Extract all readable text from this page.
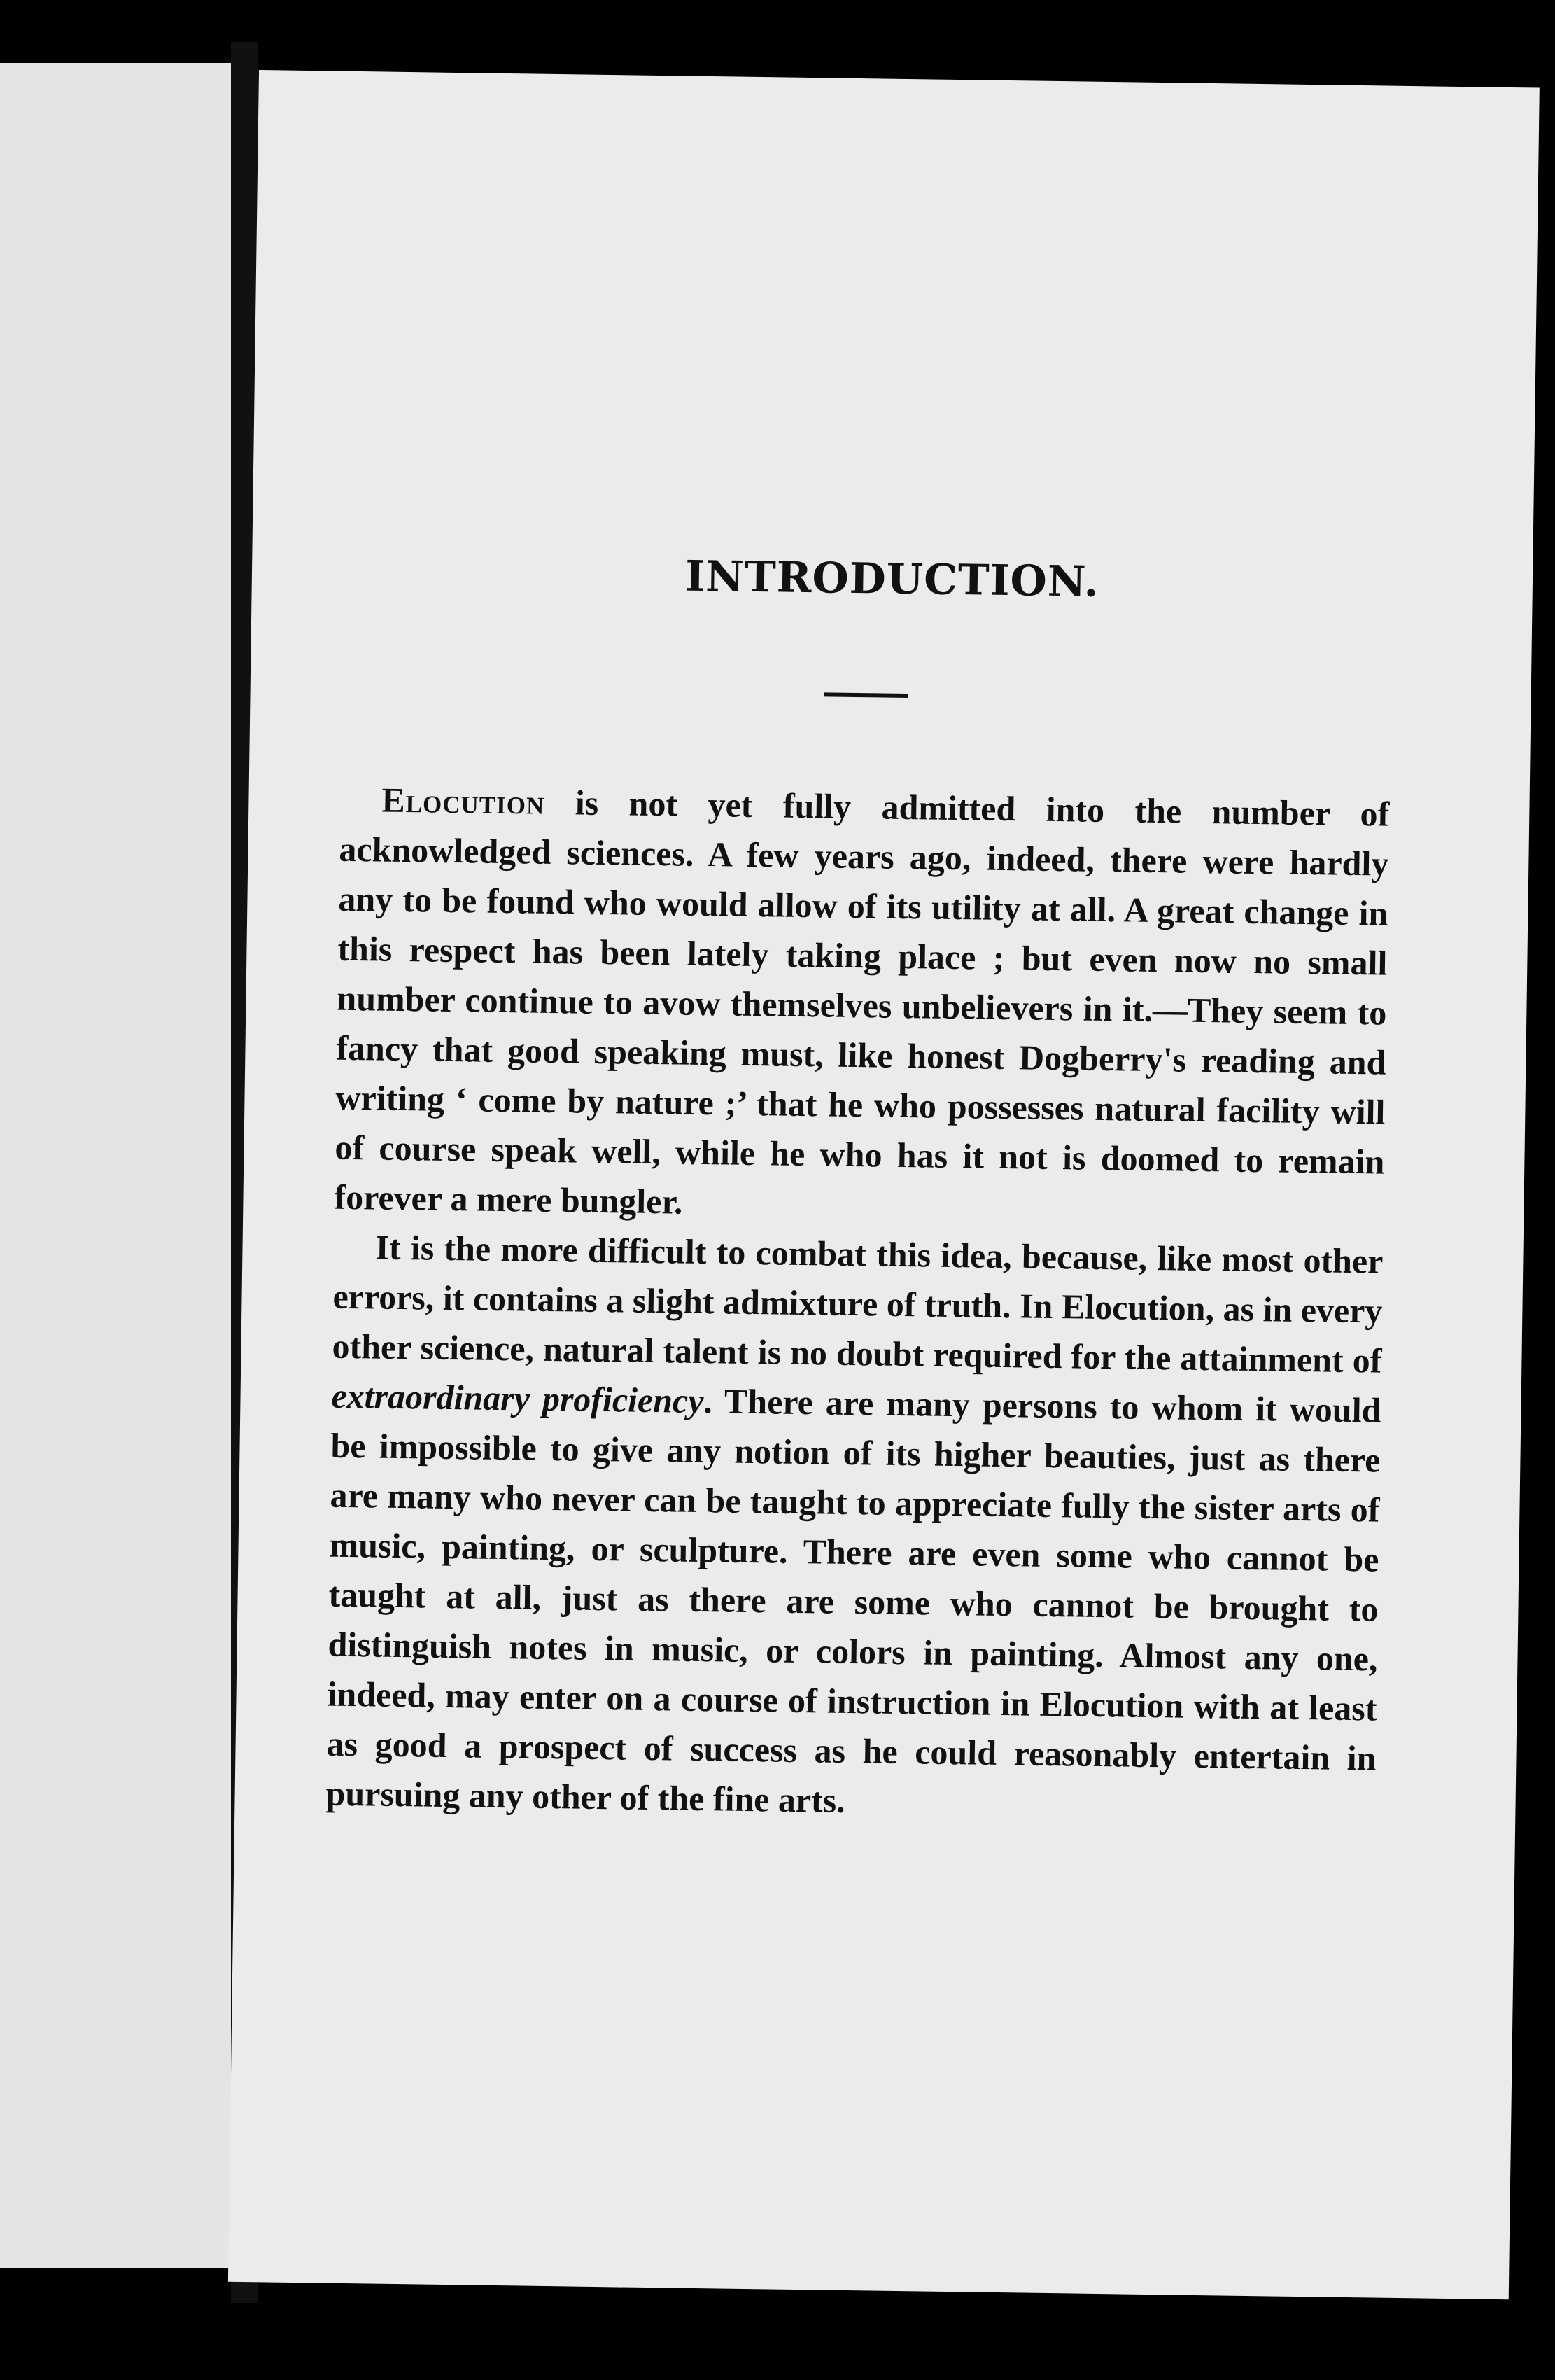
INTRODUCTION.

Elocution is not yet fully admitted into the number of acknowledged sciences. A few years ago, indeed, there were hardly any to be found who would allow of its utility at all. A great change in this respect has been lately taking place ; but even now no small number continue to avow themselves unbelievers in it.—They seem to fancy that good speaking must, like honest Dogberry's reading and writing ‘ come by nature ;’ that he who possesses natural facility will of course speak well, while he who has it not is doomed to remain forever a mere bungler.

It is the more difficult to combat this idea, because, like most other errors, it contains a slight admixture of truth. In Elocution, as in every other science, natural talent is no doubt required for the attainment of extraordinary proficiency. There are many persons to whom it would be impossible to give any notion of its higher beauties, just as there are many who never can be taught to appreciate fully the sister arts of music, painting, or sculpture. There are even some who cannot be taught at all, just as there are some who cannot be brought to distinguish notes in music, or colors in painting. Almost any one, indeed, may enter on a course of instruction in Elocution with at least as good a prospect of success as he could reasonably entertain in pursuing any other of the fine arts.
